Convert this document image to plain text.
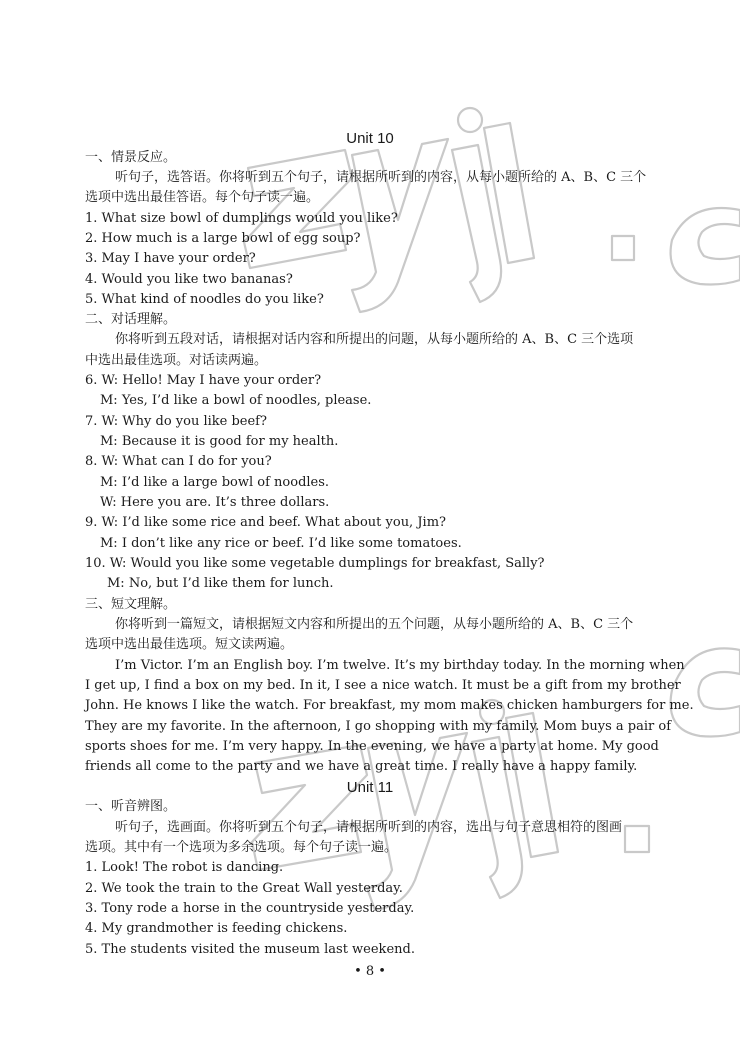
Unit 10
一、情景反应。
听句子，选答语。你将听到五个句子，请根据所听到的内容，从每小题所给的 A、B、C 三个
选项中选出最佳答语。每个句子读一遍。
1. What size bowl of dumplings would you like?
2. How much is a large bowl of egg soup?
3. May I have your order?
4. Would you like two bananas?
5. What kind of noodles do you like?
二、对话理解。
你将听到五段对话，请根据对话内容和所提出的问题，从每小题所给的 A、B、C 三个选项
中选出最佳选项。对话读两遍。
6. W: Hello! May I have your order?
M: Yes, I’d like a bowl of noodles, please.
7. W: Why do you like beef?
M: Because it is good for my health.
8. W: What can I do for you?
M: I’d like a large bowl of noodles.
W: Here you are. It’s three dollars.
9. W: I’d like some rice and beef. What about you, Jim?
M: I don’t like any rice or beef. I’d like some tomatoes.
10. W: Would you like some vegetable dumplings for breakfast, Sally?
M: No, but I’d like them for lunch.
三、短文理解。
你将听到一篇短文，请根据短文内容和所提出的五个问题，从每小题所给的 A、B、C 三个
选项中选出最佳选项。短文读两遍。
I’m Victor. I’m an English boy. I’m twelve. It’s my birthday today. In the morning when
I get up, I find a box on my bed. In it, I see a nice watch. It must be a gift from my brother
John. He knows I like the watch. For breakfast, my mom makes chicken hamburgers for me.
They are my favorite. In the afternoon, I go shopping with my family. Mom buys a pair of
sports shoes for me. I’m very happy. In the evening, we have a party at home. My good
friends all come to the party and we have a great time. I really have a happy family.
Unit 11
一、听音辨图。
听句子，选画面。你将听到五个句子，请根据所听到的内容，选出与句子意思相符的图画
选项。其中有一个选项为多余选项。每个句子读一遍。
1. Look! The robot is dancing.
2. We took the train to the Great Wall yesterday.
3. Tony rode a horse in the countryside yesterday.
4. My grandmother is feeding chickens.
5. The students visited the museum last weekend.
• 8 •
